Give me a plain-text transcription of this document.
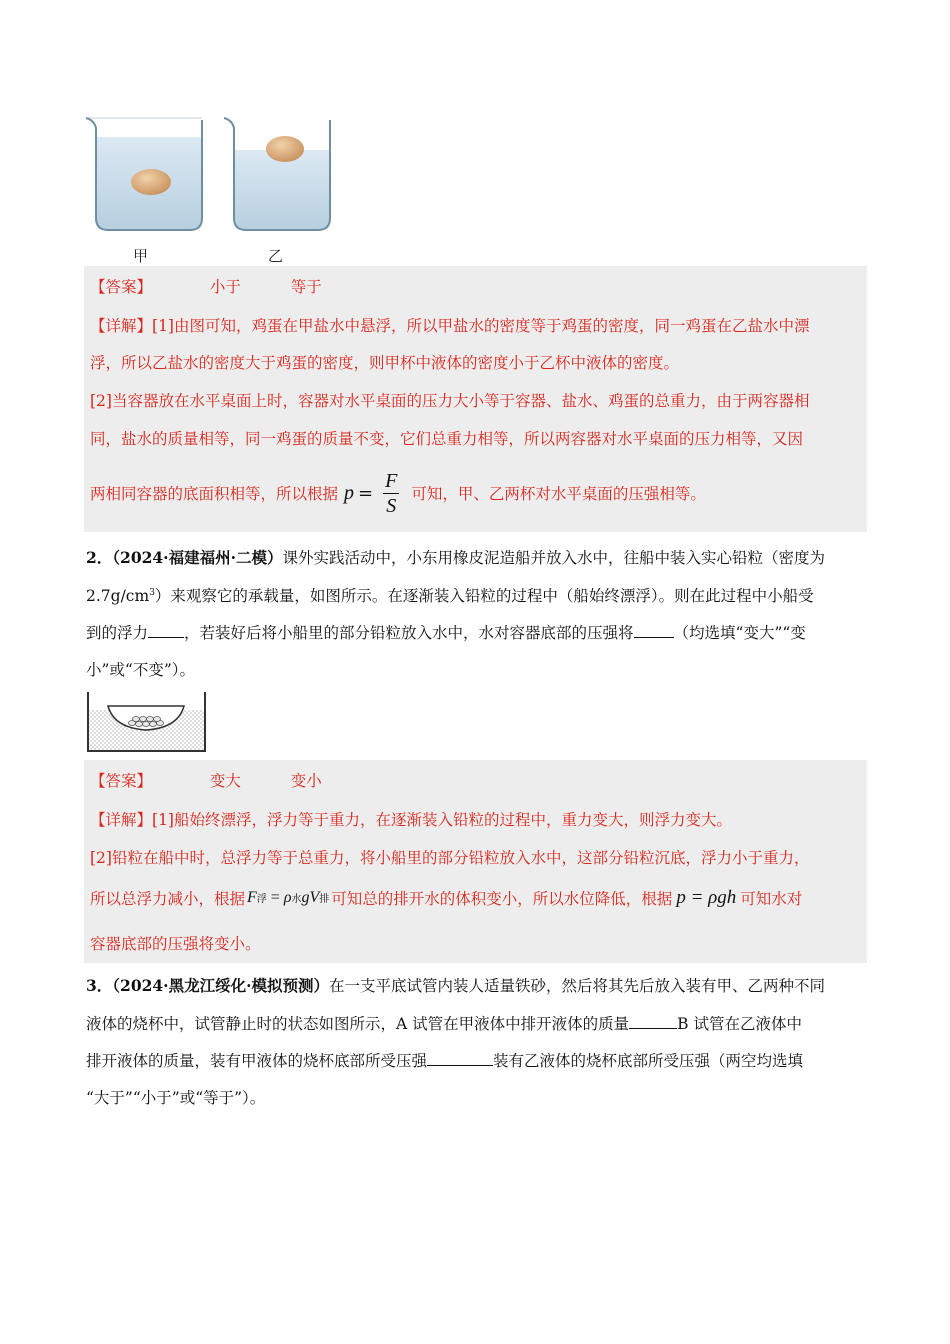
甲	乙
【答案】	小于	等于
【详解】[1]由图可知，鸡蛋在甲盐水中悬浮，所以甲盐水的密度等于鸡蛋的密度，同一鸡蛋在乙盐水中漂
浮，所以乙盐水的密度大于鸡蛋的密度，则甲杯中液体的密度小于乙杯中液体的密度。
[2]当容器放在水平桌面上时，容器对水平桌面的压力大小等于容器、盐水、鸡蛋的总重力，由于两容器相
同，盐水的质量相等，同一鸡蛋的质量不变，它们总重力相等，所以两容器对水平桌面的压力相等，又因
两相同容器的底面积相等，所以根据 $p = \frac{F}{S}$ 可知，甲、乙两杯对水平桌面的压强相等。
2．（2024·福建福州·二模）课外实践活动中，小东用橡皮泥造船并放入水中，往船中装入实心铅粒（密度为
$2.7g/cm^3$）来观察它的承载量，如图所示。在逐渐装入铅粒的过程中（船始终漂浮）。则在此过程中小船受
到的浮力 ，若装好后将小船里的部分铅粒放入水中，水对容器底部的压强将	（均选填“变大”“变
小”或“不变”）。
【答案】	变大	变小
【详解】[1]船始终漂浮，浮力等于重力，在逐渐装入铅粒的过程中，重力变大，则浮力变大。
[2]铅粒在船中时，总浮力等于总重力，将小船里的部分铅粒放入水中，这部分铅粒沉底，浮力小于重力，
所以总浮力减小，根据 F浮 = ρ水gV排 可知总的排开水的体积变小，所以水位降低，根据 p = ρgh 可知水对
容器底部的压强将变小。
3．（2024·黑龙江绥化·模拟预测）在一支平底试管内装人适量铁砂，然后将其先后放入装有甲、乙两种不同
液体的烧杯中，试管静止时的状态如图所示，A 试管在甲液体中排开液体的质量	B 试管在乙液体中
排开液体的质量，装有甲液体的烧杯底部所受压强	装有乙液体的烧杯底部所受压强（两空均选填
“大于”“小于”或“等于”）。
